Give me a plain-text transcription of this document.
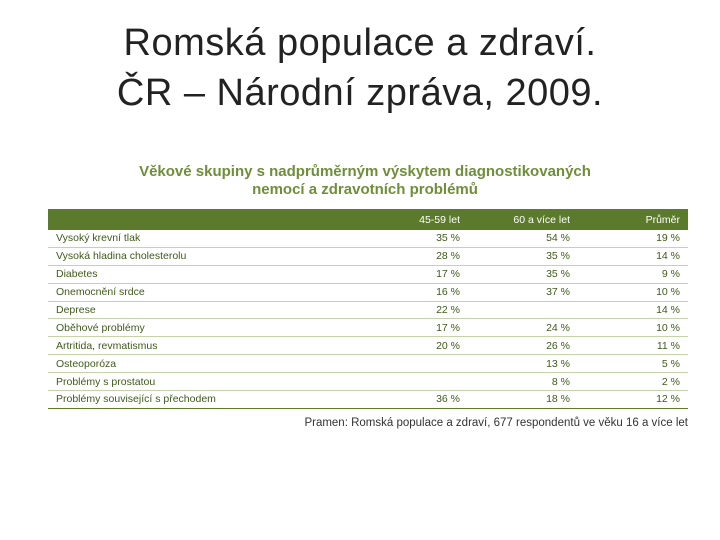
Romská populace a zdraví.
ČR – Národní zpráva, 2009.
Věkové skupiny s nadprůměrným výskytem diagnostikovaných
nemocí a zdravotních problémů
	45-59 let	60 a více let	Průměr
Vysoký krevní tlak	35 %	54 %	19 %
Vysoká hladina cholesterolu	28 %	35 %	14 %
Diabetes	17 %	35 %	9 %
Onemocnění srdce	16 %	37 %	10 %
Deprese	22 %		14 %
Oběhové problémy	17 %	24 %	10 %
Artritida, revmatismus	20 %	26 %	11 %
Osteoporóza		13 %	5 %
Problémy s prostatou		8 %	2 %
Problémy související s přechodem	36 %	18 %	12 %
Pramen: Romská populace a zdraví, 677 respondentů ve věku 16 a více let
